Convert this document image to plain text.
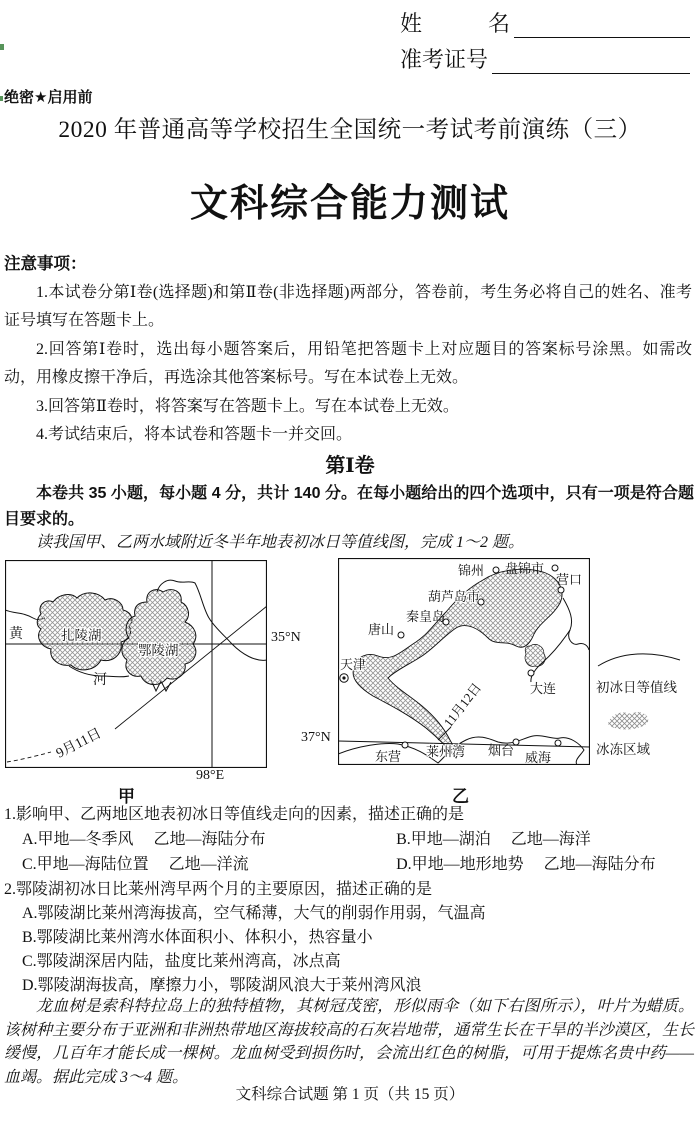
姓	名
准考证号
绝密★启用前
2020 年普通高等学校招生全国统一考试考前演练（三）
文科综合能力测试
注意事项：

1.本试卷分第Ⅰ卷(选择题)和第Ⅱ卷(非选择题)两部分，答卷前，考生务必将自己的姓名、准考证号填写在答题卡上。

2.回答第Ⅰ卷时，选出每小题答案后，用铅笔把答题卡上对应题目的答案标号涂黑。如需改动，用橡皮擦干净后，再选涂其他答案标号。写在本试卷上无效。

3.回答第Ⅱ卷时，将答案写在答题卡上。写在本试卷上无效。

4.考试结束后，将本试卷和答题卡一并交回。

第Ⅰ卷
本卷共 35 小题，每小题 4 分，共计 140 分。在每小题给出的四个选项中，只有一项是符合题目要求的。
读我国甲、乙两水域附近冬半年地表初冰日等值线图，完成 1～2 题。
9月11日
黄
河
扎陵湖
鄂陵湖
35°N
98°E
甲
11月12日
锦州 盘锦市
营口
葫芦岛市
秦皇岛
唐山
天津
大连
东营 莱州湾 烟台 威海
37°N
乙
初冰日等值线
冰冻区域
1.影响甲、乙两地区地表初冰日等值线走向的因素，描述正确的是
A.甲地—冬季风　 乙地—海陆分布	B.甲地—湖泊　 乙地—海洋
C.甲地—海陆位置　 乙地—洋流	D.甲地—地形地势　 乙地—海陆分布
2.鄂陵湖初冰日比莱州湾早两个月的主要原因，描述正确的是
A.鄂陵湖比莱州湾海拔高，空气稀薄，大气的削弱作用弱，气温高
B.鄂陵湖比莱州湾水体面积小、体积小，热容量小
C.鄂陵湖深居内陆，盐度比莱州湾高，冰点高
D.鄂陵湖海拔高，摩擦力小，鄂陵湖风浪大于莱州湾风浪
龙血树是索科特拉岛上的独特植物，其树冠茂密，形似雨伞（如下右图所示），叶片为蜡质。该树种主要分布于亚洲和非洲热带地区海拔较高的石灰岩地带，通常生长在干旱的半沙漠区，生长缓慢，几百年才能长成一棵树。龙血树受到损伤时，会流出红色的树脂，可用于提炼名贵中药——血竭。据此完成 3～4 题。
文科综合试题 第 1 页（共 15 页）
